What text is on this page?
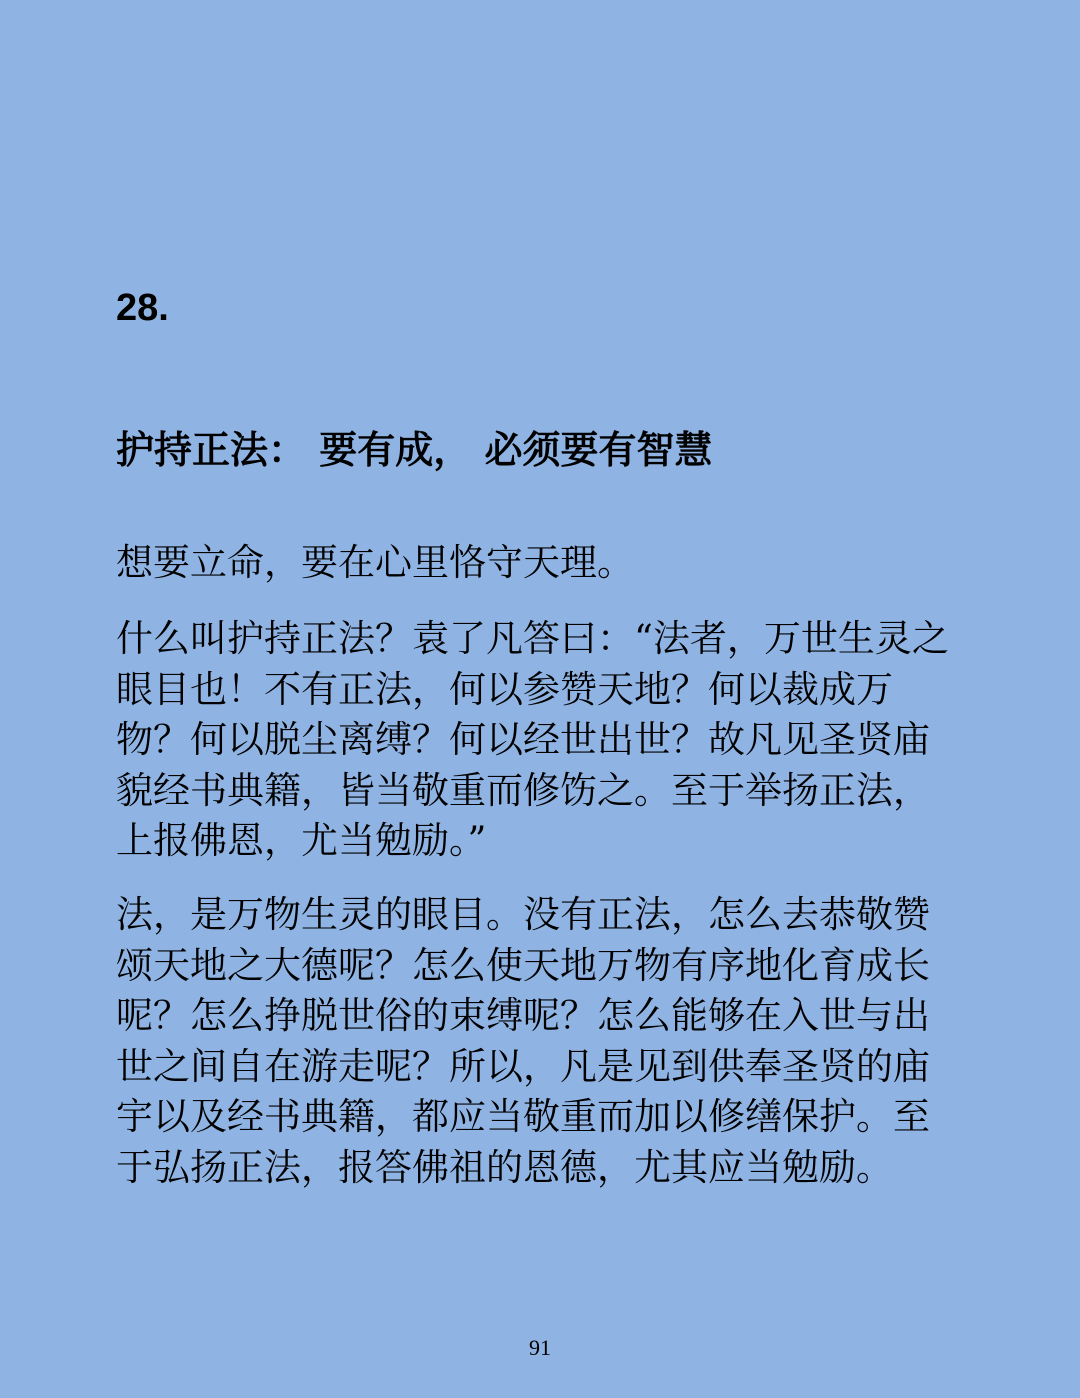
28.
护持正法： 要有成， 必须要有智慧

想要立命，要在心里恪守天理。

什么叫护持正法？袁了凡答曰：“法者，万世生灵之眼目也！不有正法，何以参赞天地？何以裁成万物？何以脱尘离缚？何以经世出世？故凡见圣贤庙貌经书典籍，皆当敬重而修饬之。至于举扬正法，上报佛恩，尤当勉励。”

法，是万物生灵的眼目。没有正法，怎么去恭敬赞颂天地之大德呢？怎么使天地万物有序地化育成长呢？怎么挣脱世俗的束缚呢？怎么能够在入世与出世之间自在游走呢？所以，凡是见到供奉圣贤的庙宇以及经书典籍，都应当敬重而加以修缮保护。至于弘扬正法，报答佛祖的恩德，尤其应当勉励。

91
